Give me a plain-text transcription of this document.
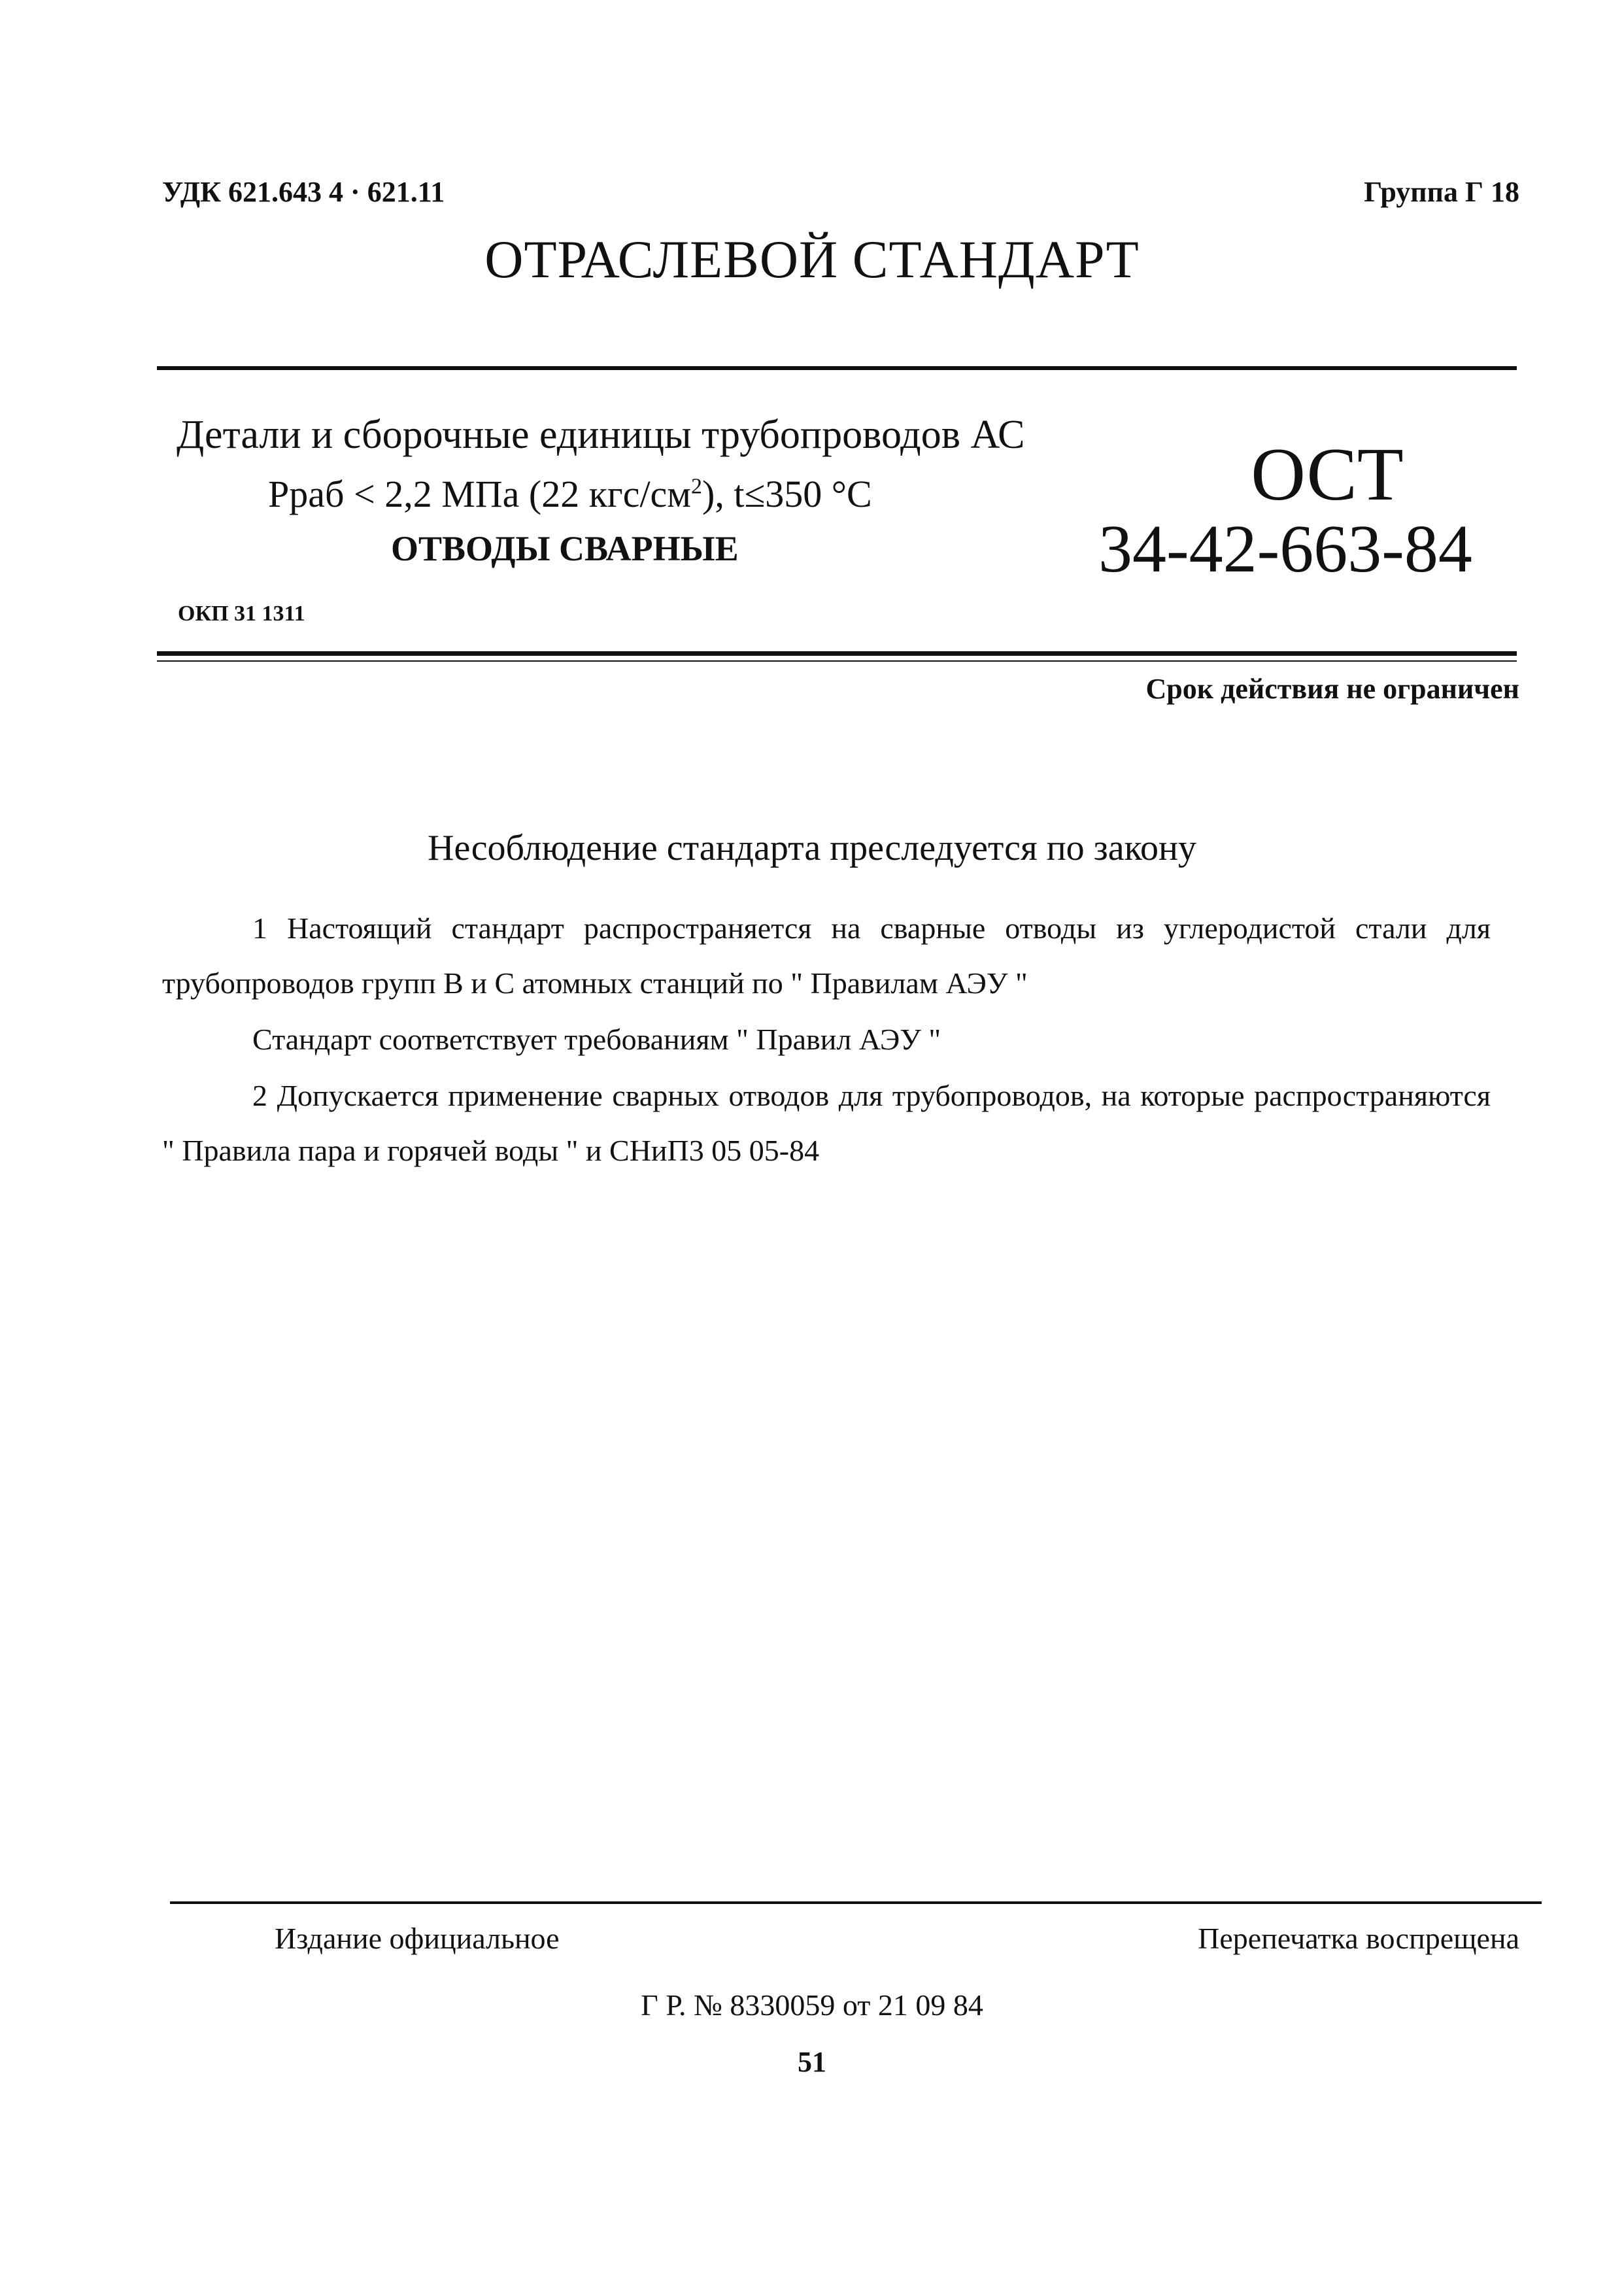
УДК 621.643 4 · 621.11	Группа Г 18
ОТРАСЛЕВОЙ СТАНДАРТ
Детали и сборочные единицы трубопроводов АС
Рраб < 2,2 МПа (22 кгс/$см^2$), t≤350 °С
ОТВОДЫ СВАРНЫЕ
ОСТ
34-42-663-84
ОКП 31 1311
Срок действия не ограничен
Несоблюдение стандарта преследуется по закону
1 Настоящий стандарт распространяется на сварные отводы из углеродистой стали для трубопроводов групп В и С атомных станций по " Правилам АЭУ "
Стандарт соответствует требованиям " Правил АЭУ "
2 Допускается применение сварных отводов для трубопроводов, на которые распространяются " Правила пара и горячей воды " и СНиП3 05 05-84
Издание официальное	Перепечатка воспрещена
Г Р. № 8330059 от 21 09 84
51
